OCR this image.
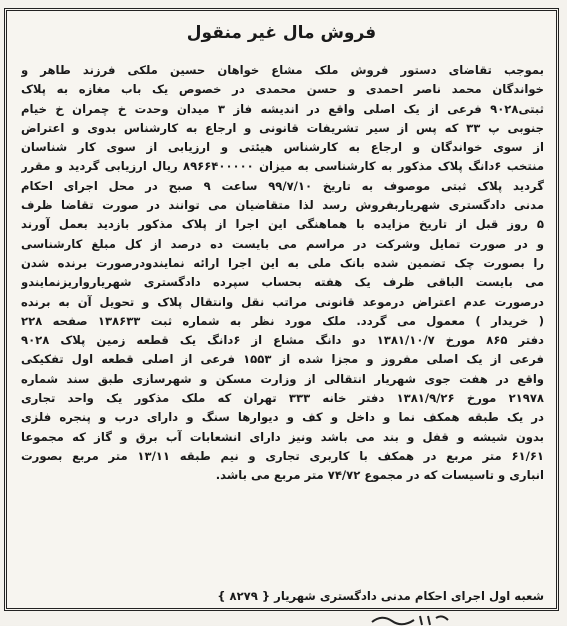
فروش مال غیر منقول
بموجب تقاضای دستور فروش ملک مشاع خواهان حسین ملکی فرزند طاهر و
خواندگان محمد ناصر احمدی و حسن محمدی در خصوص یک باب مغازه به پلاک
ثبتی۹۰۲۸ فرعی از یک اصلی واقع در اندیشه فاز ۳ میدان وحدت خ چمران خ خیام
جنوبی پ ۳۳ که پس از سیر تشریفات قانونی و ارجاع به کارشناس بدوی و اعتراض
از سوی خواندگان و ارجاع به کارشناس هیئتی و ارزیابی از سوی کار شناسان
منتخب ۶دانگ پلاک مذکور به کارشناسی به میزان ۸۹۶۶۴۰۰۰۰۰ ریال ارزیابی گردید و مقرر
گردید پلاک ثبتی موصوف به تاریخ ۹۹/۷/۱۰ ساعت ۹ صبح در محل اجرای احکام
مدنی دادگستری شهریاربفروش رسد لذا متقاضیان می توانند در صورت تقاضا ظرف
۵ روز قبل از تاریخ مزایده با هماهنگی این اجرا از پلاک مذکور بازدید بعمل آورند
و در صورت تمایل وشرکت در مراسم می بایست ده درصد از کل مبلغ کارشناسی
را بصورت چک تضمین شده بانک ملی به این اجرا ارائه نمایندودرصورت برنده شدن
می بایست الباقی ظرف یک هفته بحساب سپرده دادگستری شهریارواریزنمایندو
درصورت عدم اعتراض درموعد قانونی مراتب نقل وانتقال پلاک و تحویل آن به برنده
( خریدار ) معمول می گردد. ملک مورد نظر به شماره ثبت ۱۳۸۶۳۳ صفحه ۲۲۸
دفتر ۸۶۵ مورخ ۱۳۸۱/۱۰/۷ دو دانگ مشاع از ۶دانگ یک قطعه زمین پلاک ۹۰۲۸
فرعی از یک اصلی مفروز و مجزا شده از ۱۵۵۳ فرعی از اصلی قطعه اول تفکیکی
واقع در هفت جوی شهریار انتقالی از وزارت مسکن و شهرسازی طبق سند شماره
۲۱۹۷۸ مورخ ۱۳۸۱/۹/۲۶ دفتر خانه ۳۳۳ تهران که ملک مذکور یک واحد تجاری
در یک طبقه همکف نما و داخل و کف و دیوارها سنگ و دارای درب و پنجره فلزی
بدون شیشه و قفل و بند می باشد ونیز دارای انشعابات آب برق و گاز که مجموعا
۶۱/۶۱ متر مربع در همکف با کاربری تجاری و نیم طبقه ۱۳/۱۱ متر مربع بصورت
انباری و تاسیسات که در مجموع ۷۴/۷۲ متر مربع می باشد.
شعبه اول اجرای احکام مدنی دادگستری شهریار { ۸۲۷۹ }
